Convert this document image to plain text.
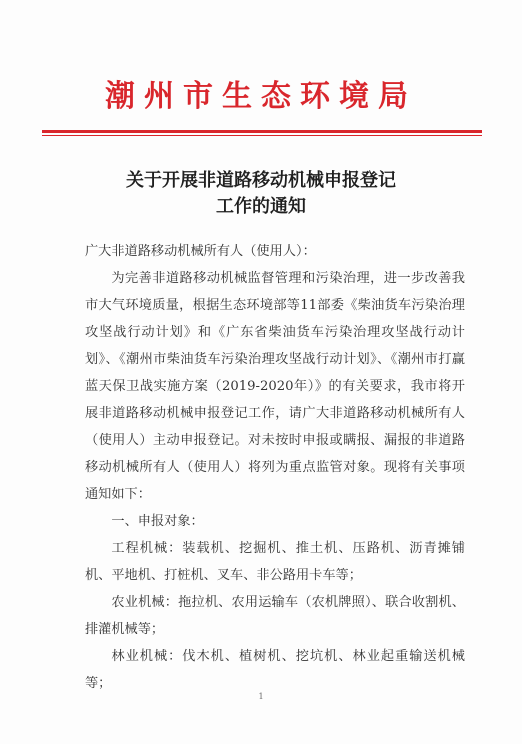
潮州市生态环境局
关于开展非道路移动机械申报登记
工作的通知

广大非道路移动机械所有人（使用人）：

为完善非道路移动机械监督管理和污染治理，进一步改善我市大气环境质量，根据生态环境部等11部委《柴油货车污染治理攻坚战行动计划》和《广东省柴油货车污染治理攻坚战行动计划》、《潮州市柴油货车污染治理攻坚战行动计划》、《潮州市打赢蓝天保卫战实施方案（2019-2020年）》的有关要求，我市将开展非道路移动机械申报登记工作，请广大非道路移动机械所有人（使用人）主动申报登记。对未按时申报或瞒报、漏报的非道路移动机械所有人（使用人）将列为重点监管对象。现将有关事项通知如下：

一、申报对象：

工程机械：装载机、挖掘机、推土机、压路机、沥青摊铺机、平地机、打桩机、叉车、非公路用卡车等；

农业机械：拖拉机、农用运输车（农机牌照）、联合收割机、排灌机械等；

林业机械：伐木机、植树机、挖坑机、林业起重输送机械等；

1
